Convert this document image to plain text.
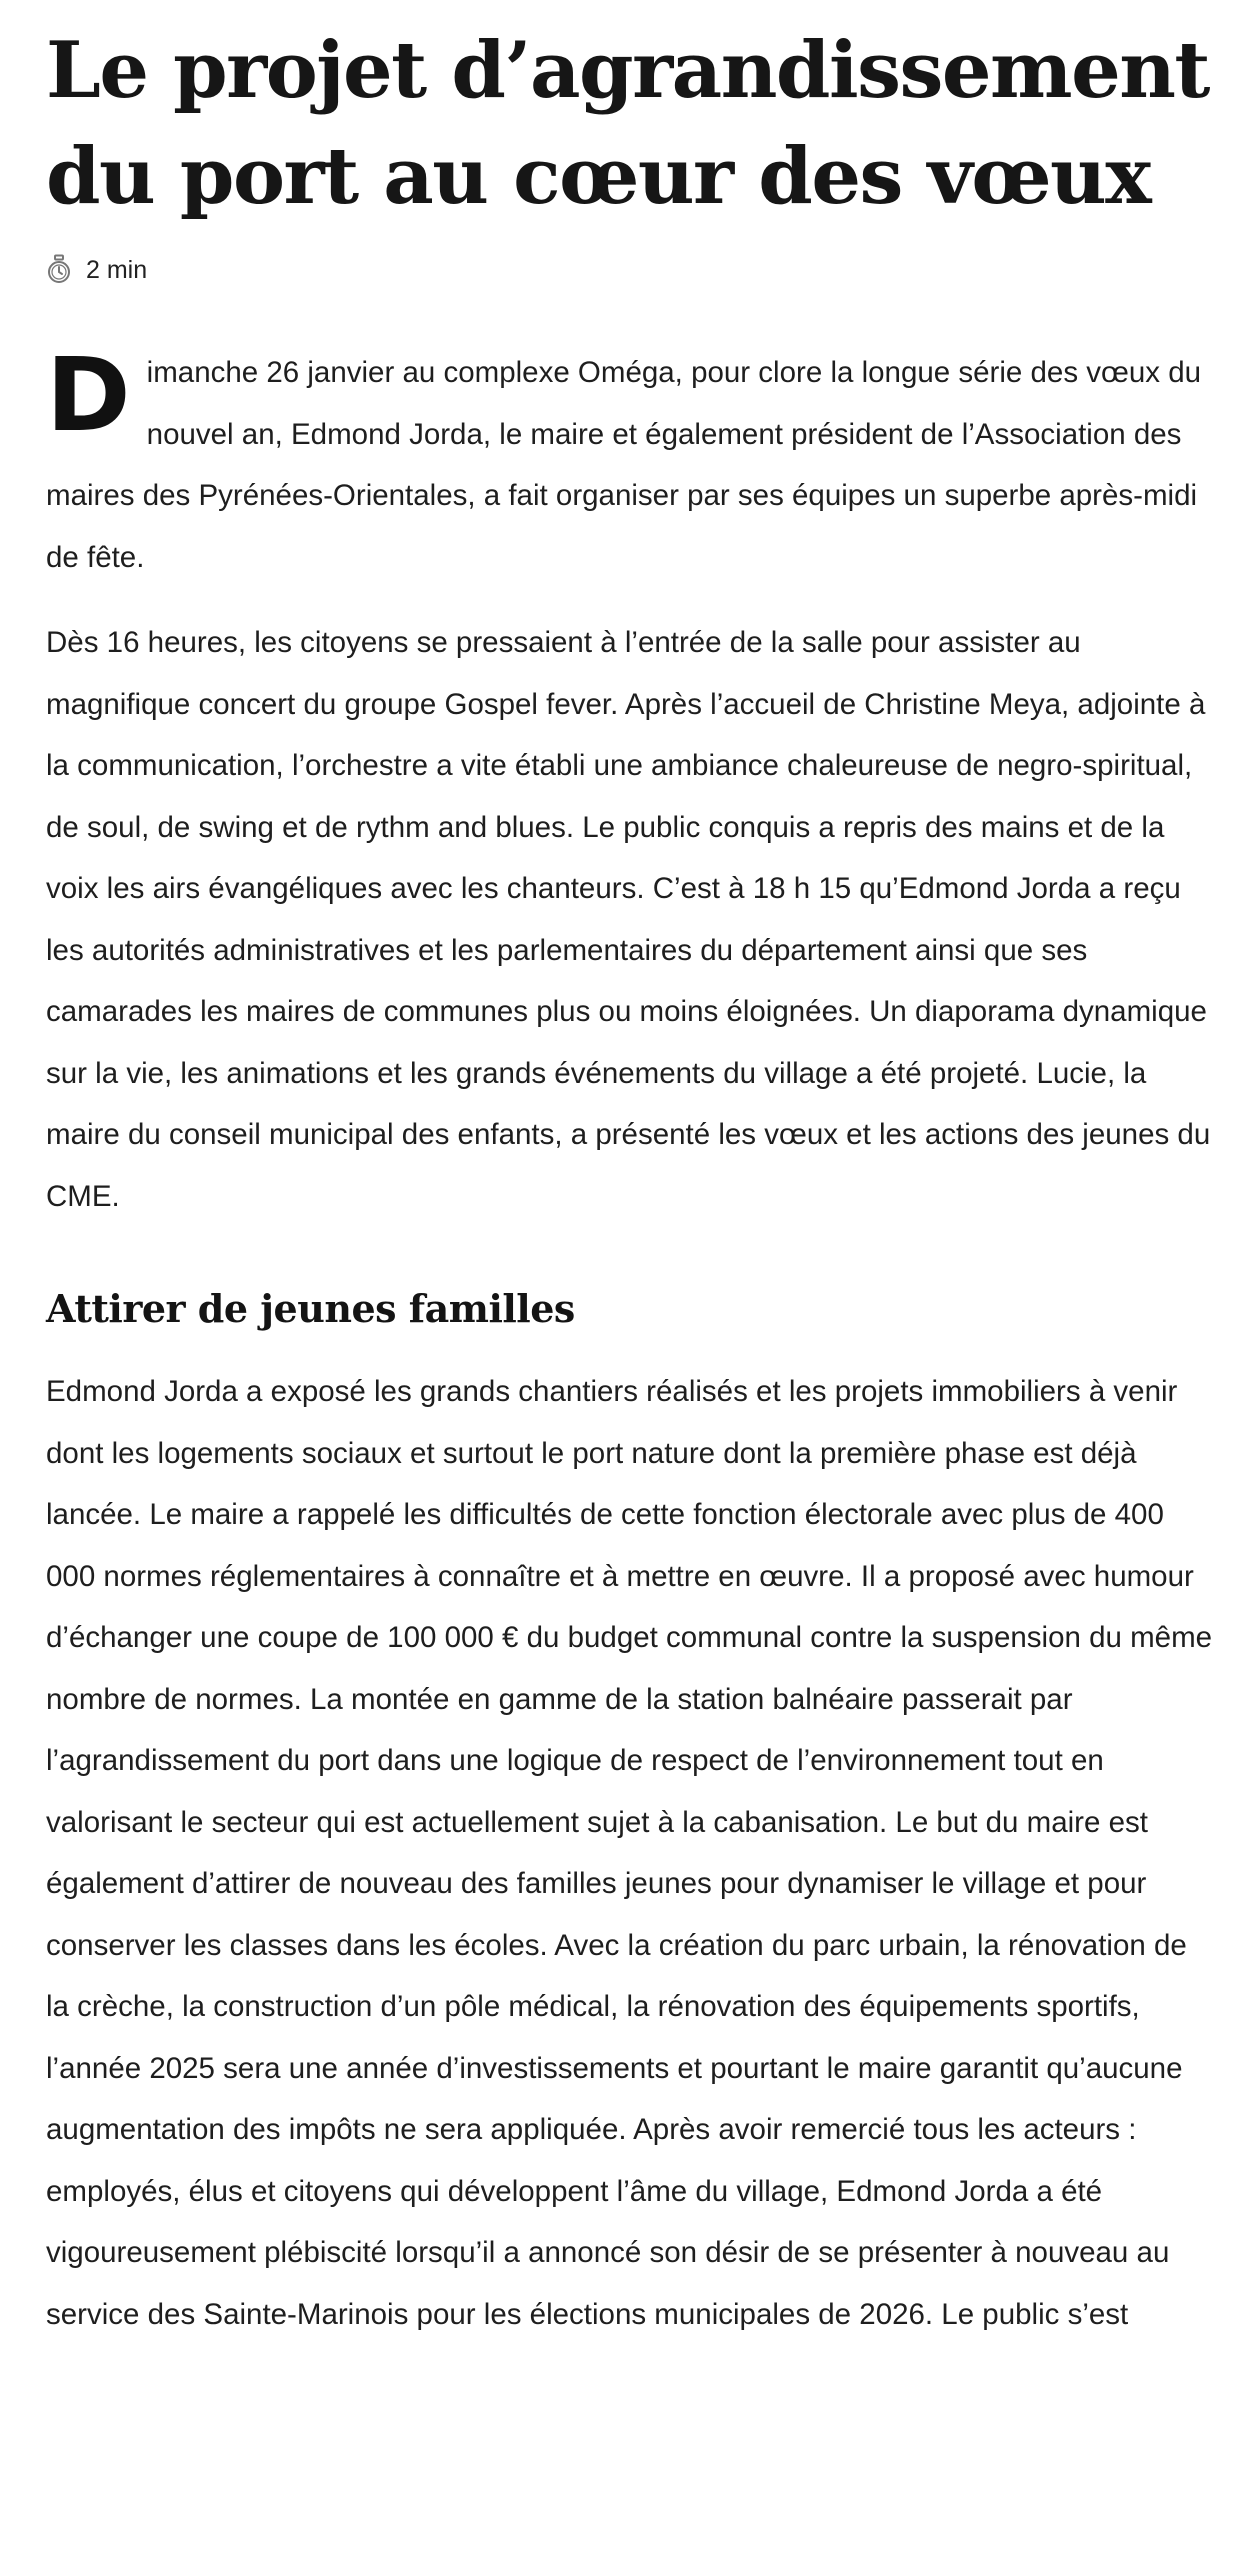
Le projet d’agrandissement du port au cœur des vœux
2 min

Dimanche 26 janvier au complexe Oméga, pour clore la longue série des vœux du nouvel an, Edmond Jorda, le maire et également président de l’Association des maires des Pyrénées-Orientales, a fait organiser par ses équipes un superbe après-midi de fête.

Dès 16 heures, les citoyens se pressaient à l’entrée de la salle pour assister au magnifique concert du groupe Gospel fever. Après l’accueil de Christine Meya, adjointe à la communication, l’orchestre a vite établi une ambiance chaleureuse de negro-spiritual, de soul, de swing et de rythm and blues. Le public conquis a repris des mains et de la voix les airs évangéliques avec les chanteurs. C’est à 18 h 15 qu’Edmond Jorda a reçu les autorités administratives et les parlementaires du département ainsi que ses camarades les maires de communes plus ou moins éloignées. Un diaporama dynamique sur la vie, les animations et les grands événements du village a été projeté. Lucie, la maire du conseil municipal des enfants, a présenté les vœux et les actions des jeunes du CME.

Attirer de jeunes familles

Edmond Jorda a exposé les grands chantiers réalisés et les projets immobiliers à venir dont les logements sociaux et surtout le port nature dont la première phase est déjà lancée. Le maire a rappelé les difficultés de cette fonction électorale avec plus de 400 000 normes réglementaires à connaître et à mettre en œuvre. Il a proposé avec humour d’échanger une coupe de 100 000 € du budget communal contre la suspension du même nombre de normes. La montée en gamme de la station balnéaire passerait par l’agrandissement du port dans une logique de respect de l’environnement tout en valorisant le secteur qui est actuellement sujet à la cabanisation. Le but du maire est également d’attirer de nouveau des familles jeunes pour dynamiser le village et pour conserver les classes dans les écoles. Avec la création du parc urbain, la rénovation de la crèche, la construction d’un pôle médical, la rénovation des équipements sportifs, l’année 2025 sera une année d’investissements et pourtant le maire garantit qu’aucune augmentation des impôts ne sera appliquée. Après avoir remercié tous les acteurs : employés, élus et citoyens qui développent l’âme du village, Edmond Jorda a été vigoureusement plébiscité lorsqu’il a annoncé son désir de se présenter à nouveau au service des Sainte-Marinois pour les élections municipales de 2026. Le public s’est
